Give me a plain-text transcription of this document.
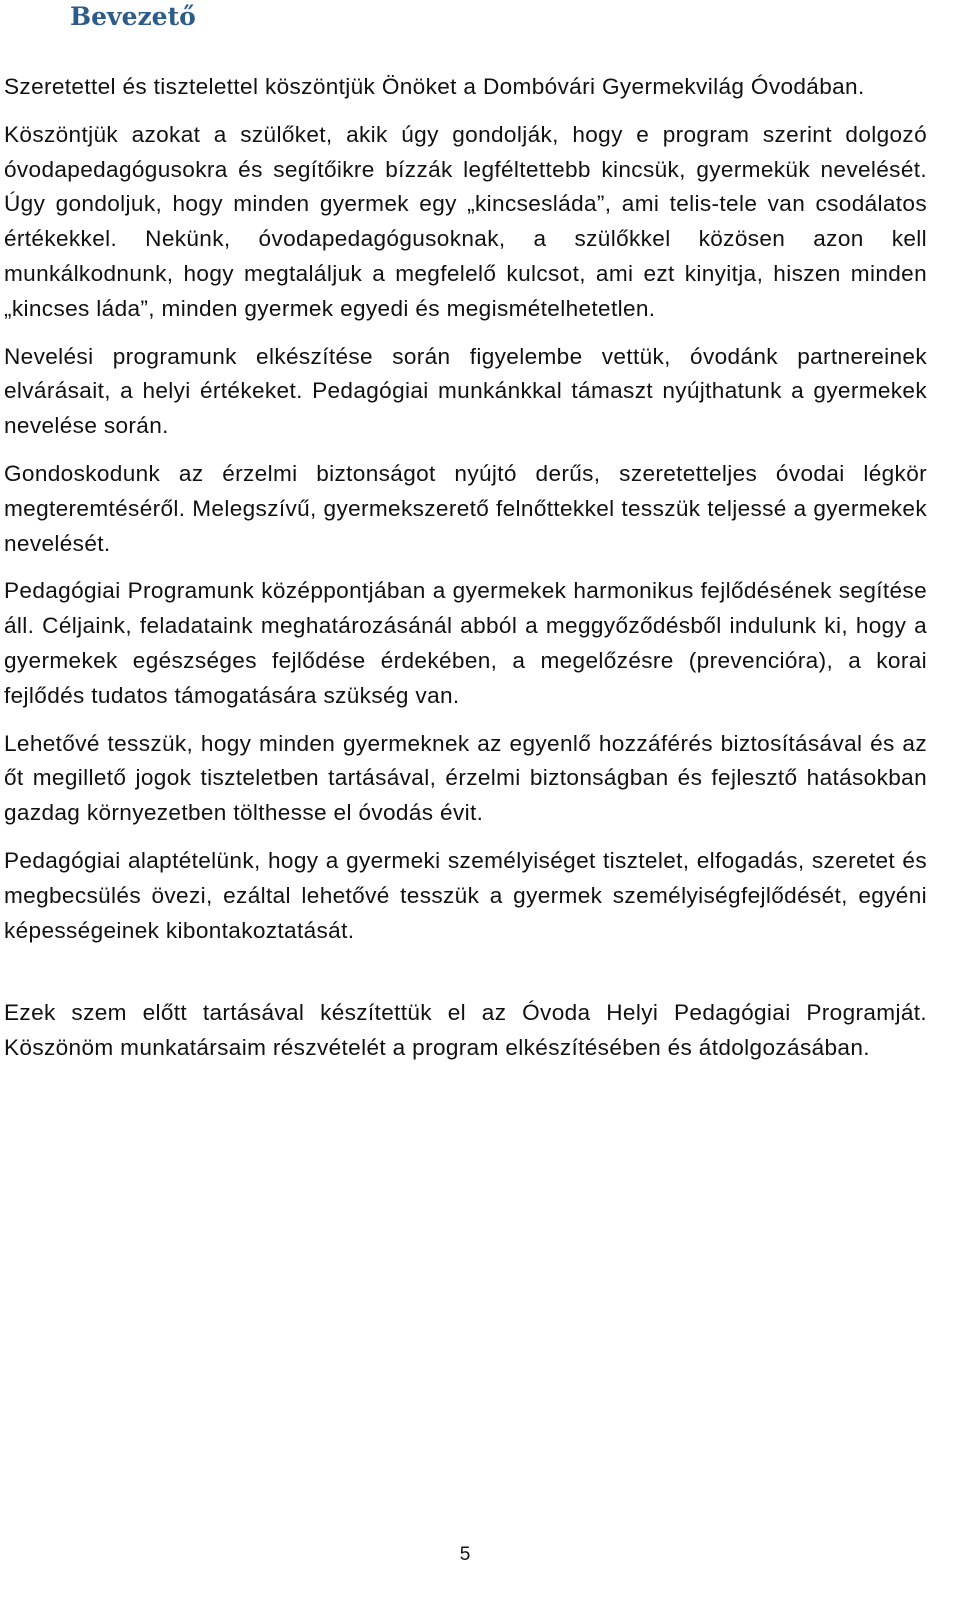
Bevezető

Szeretettel és tisztelettel köszöntjük Önöket a Dombóvári Gyermekvilág Óvodában.

Köszöntjük azokat a szülőket, akik úgy gondolják, hogy e program szerint dolgozó óvodapedagógusokra és segítőikre bízzák legféltettebb kincsük, gyermekük nevelését. Úgy gondoljuk, hogy minden gyermek egy „kincsesláda”, ami telis-tele van csodálatos értékekkel. Nekünk, óvodapedagógusoknak, a szülőkkel közösen azon kell munkálkodnunk, hogy megtaláljuk a megfelelő kulcsot, ami ezt kinyitja, hiszen minden „kincses láda”, minden gyermek egyedi és megismételhetetlen.

Nevelési programunk elkészítése során figyelembe vettük, óvodánk partnereinek elvárásait, a helyi értékeket. Pedagógiai munkánkkal támaszt nyújthatunk a gyermekek nevelése során.

Gondoskodunk az érzelmi biztonságot nyújtó derűs, szeretetteljes óvodai légkör megteremtéséről. Melegszívű, gyermekszerető felnőttekkel tesszük teljessé a gyermekek nevelését.

Pedagógiai Programunk középpontjában a gyermekek harmonikus fejlődésének segítése áll. Céljaink, feladataink meghatározásánál abból a meggyőződésből indulunk ki, hogy a gyermekek egészséges fejlődése érdekében, a megelőzésre (prevencióra), a korai fejlődés tudatos támogatására szükség van.

Lehetővé tesszük, hogy minden gyermeknek az egyenlő hozzáférés biztosításával és az őt megillető jogok tiszteletben tartásával, érzelmi biztonságban és fejlesztő hatásokban gazdag környezetben tölthesse el óvodás évit.

Pedagógiai alaptételünk, hogy a gyermeki személyiséget tisztelet, elfogadás, szeretet és megbecsülés övezi, ezáltal lehetővé tesszük a gyermek személyiségfejlődését, egyéni képességeinek kibontakoztatását.

Ezek szem előtt tartásával készítettük el az Óvoda Helyi Pedagógiai Programját. Köszönöm munkatársaim részvételét a program elkészítésében és átdolgozásában.

5
